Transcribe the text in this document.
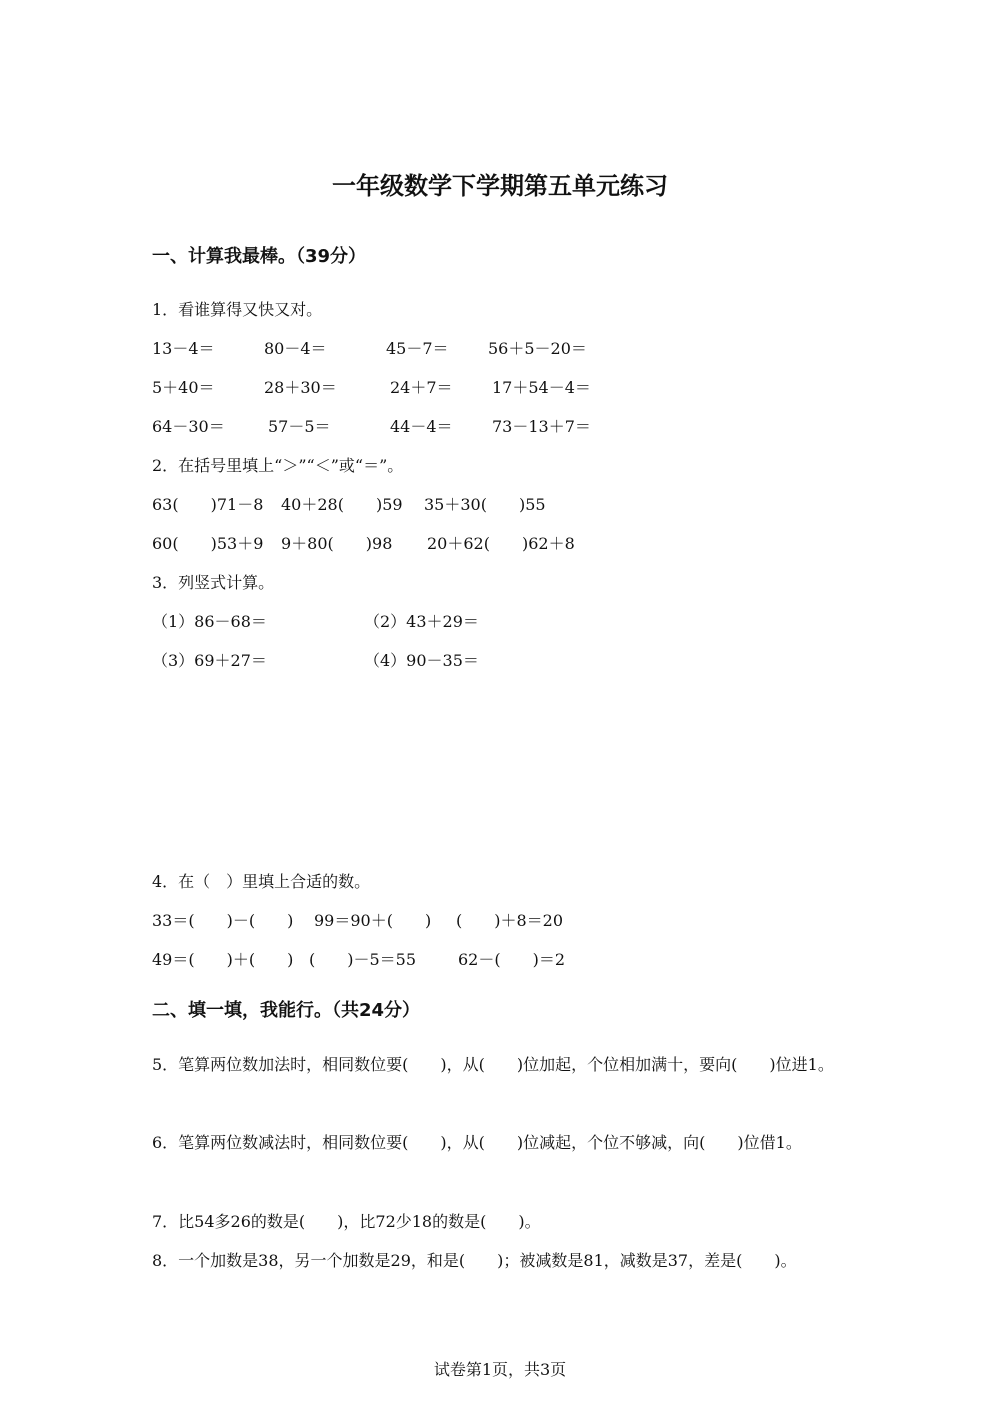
一年级数学下学期第五单元练习
一、计算我最棒。（39分）
1．看谁算得又快又对。
13－4＝	80－4＝	45－7＝ 56＋5－20＝
5＋40＝	28＋30＝	24＋7＝ 17＋54－4＝
64－30＝	57－5＝	44－4＝ 73－13＋7＝
2．在括号里填上“＞”“＜”或“＝”。
63(　　)71－8 40＋28(　　)59 35＋30(　　)55
60(　　)53＋9 9＋80(　　)98 20＋62(　　)62＋8
3．列竖式计算。
（1）86－68＝	（2）43＋29＝
（3）69＋27＝	（4）90－35＝
4．在（　）里填上合适的数。
33＝(　　)－(　　) 99＝90＋(　　) (　　)＋8＝20
49＝(　　)＋(　　) (　　)－5＝55	62－(　　)＝2
二、填一填，我能行。（共24分）
5．笔算两位数加法时，相同数位要(　　)，从(　　)位加起，个位相加满十，要向(　　)位进1。
6．笔算两位数减法时，相同数位要(　　)，从(　　)位减起，个位不够减，向(　　)位借1。
7．比54多26的数是(　　)，比72少18的数是(　　)。
8．一个加数是38，另一个加数是29，和是(　　)；被减数是81，减数是37，差是(　　)。
试卷第1页，共3页
